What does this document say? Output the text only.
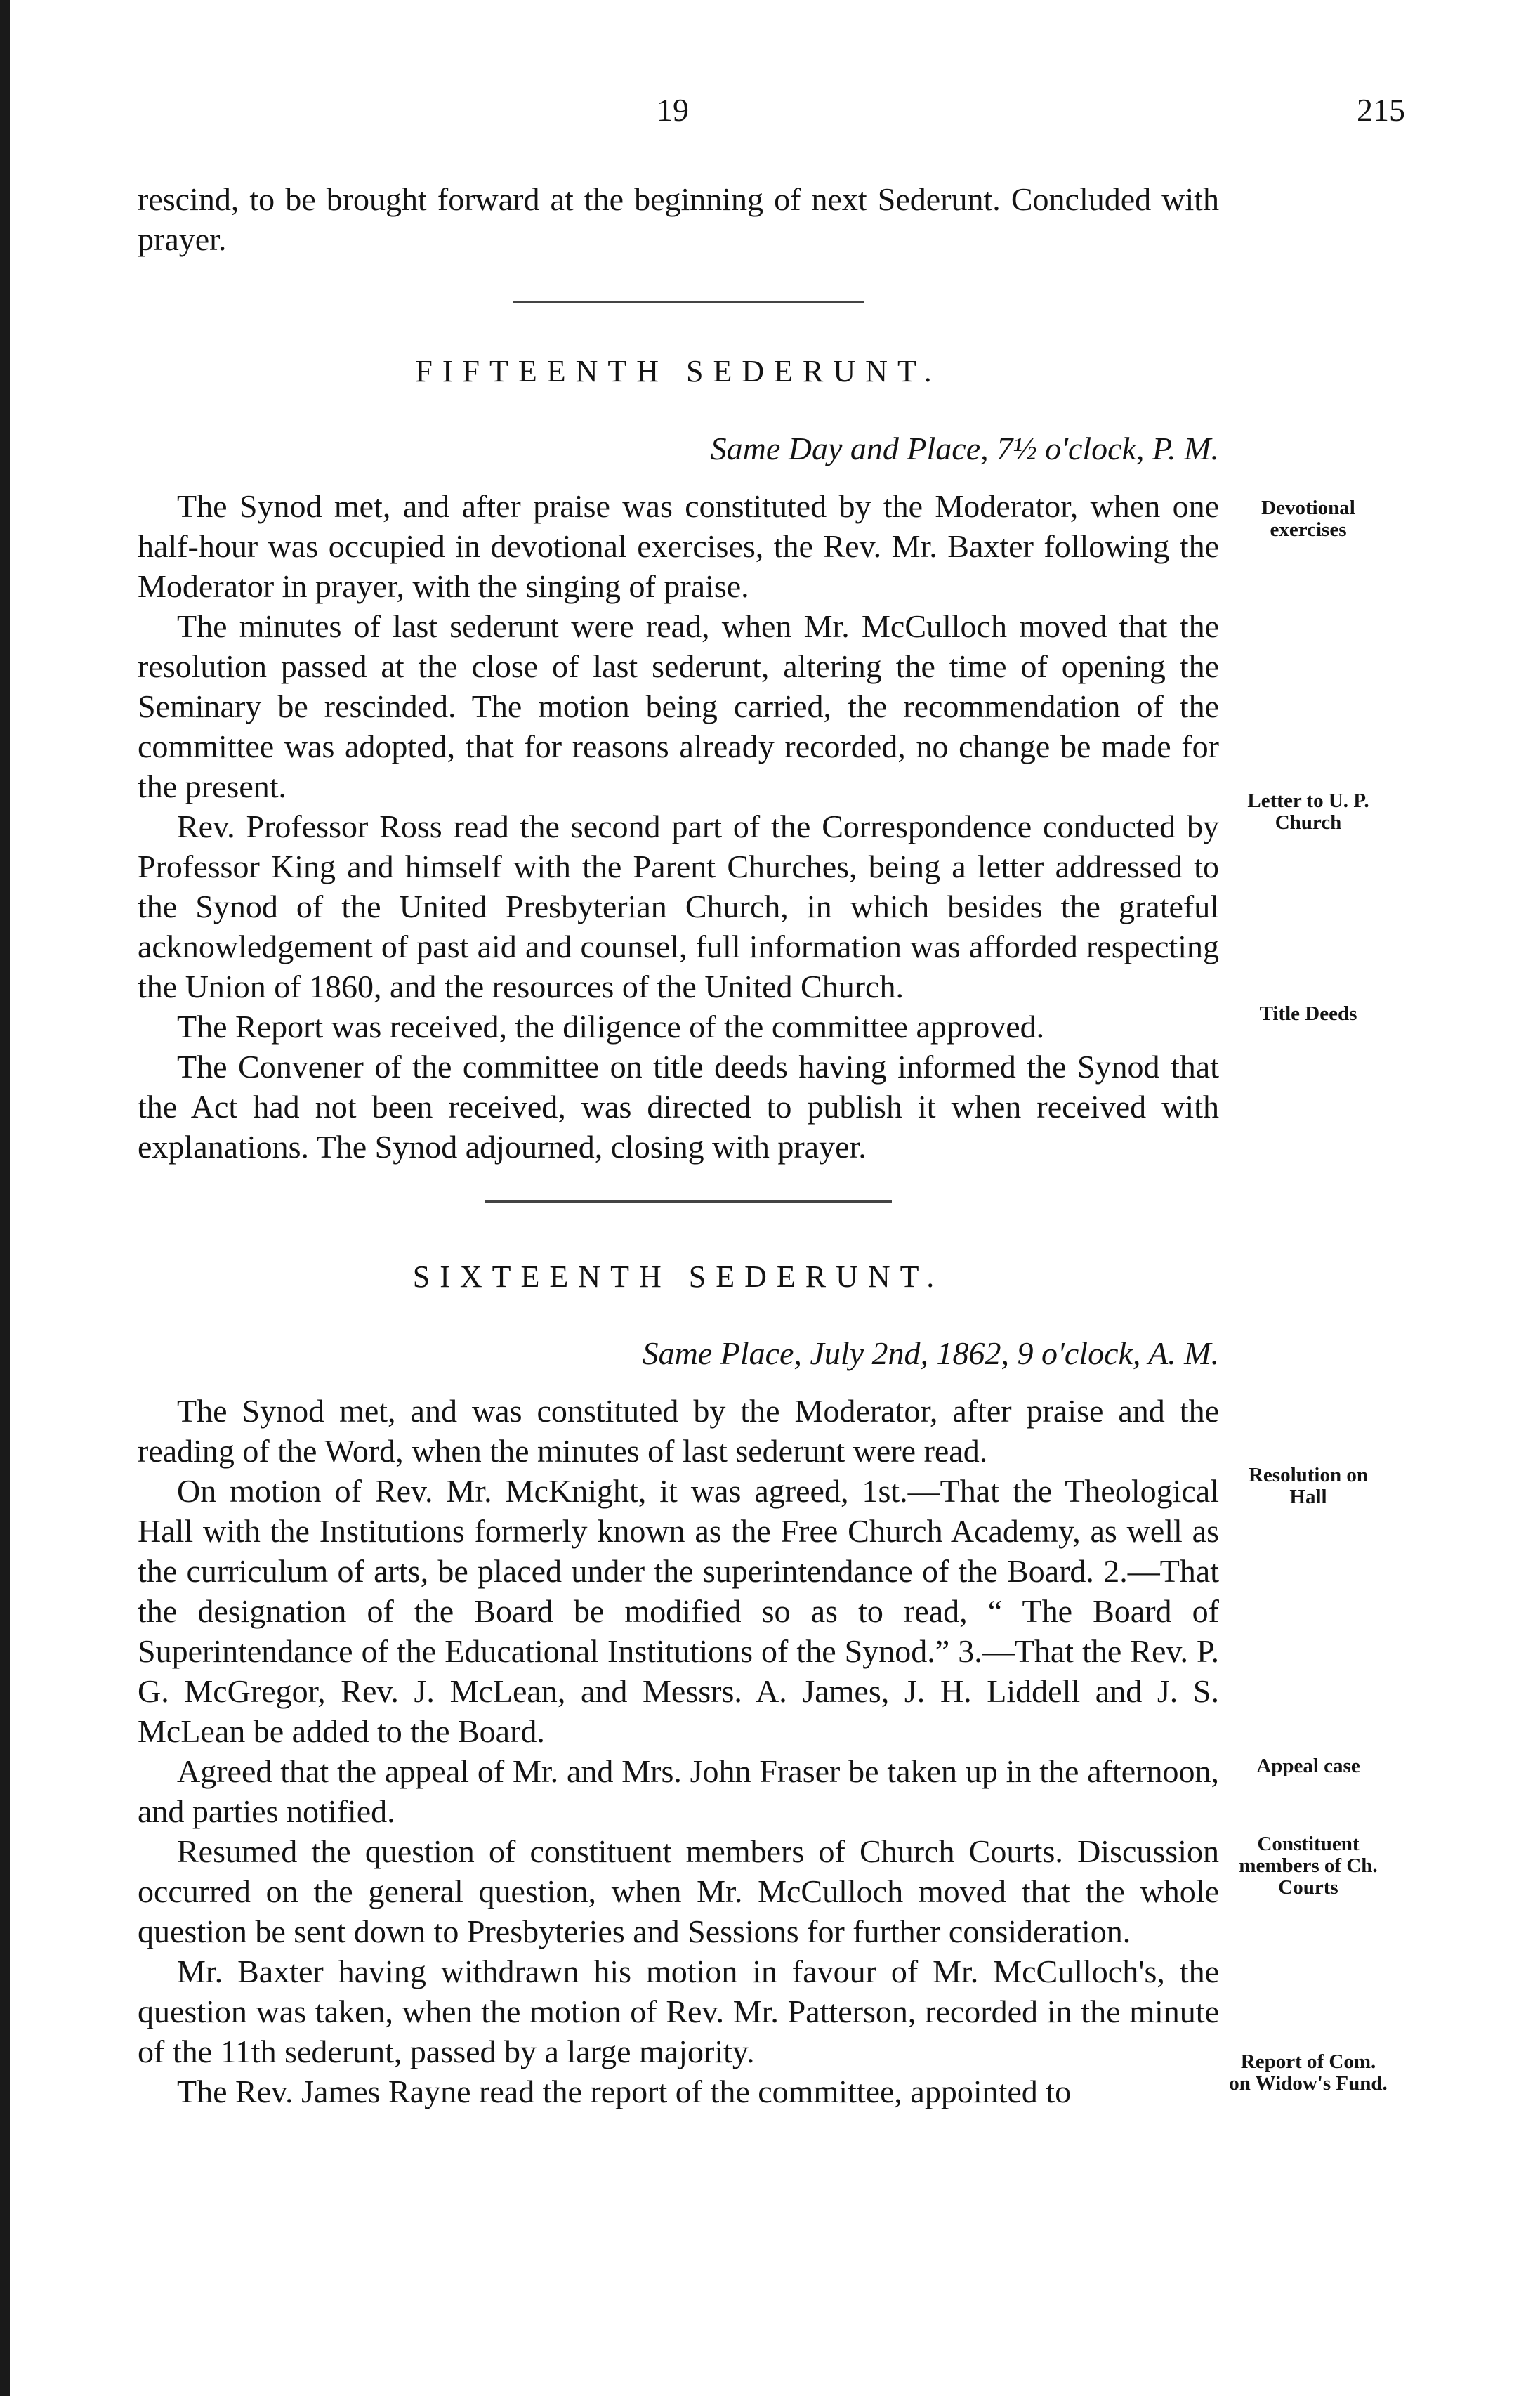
19	215

rescind, to be brought forward at the beginning of next Sederunt. Concluded with prayer.

FIFTEENTH SEDERUNT.
Same Day and Place, 7½ o'clock, P. M.

The Synod met, and after praise was constituted by the Moderator, when one half-hour was occupied in devotional exercises, the Rev. Mr. Baxter following the Moderator in prayer, with the singing of praise.

The minutes of last sederunt were read, when Mr. McCulloch moved that the resolution passed at the close of last sederunt, altering the time of opening the Seminary be rescinded. The motion being carried, the recommendation of the committee was adopted, that for reasons already recorded, no change be made for the present.

Rev. Professor Ross read the second part of the Correspondence conducted by Professor King and himself with the Parent Churches, being a letter addressed to the Synod of the United Presbyterian Church, in which besides the grateful acknowledgement of past aid and counsel, full information was afforded respecting the Union of 1860, and the resources of the United Church.

The Report was received, the diligence of the committee approved.

The Convener of the committee on title deeds having informed the Synod that the Act had not been received, was directed to publish it when received with explanations. The Synod adjourned, closing with prayer.

SIXTEENTH SEDERUNT.
Same Place, July 2nd, 1862, 9 o'clock, A. M.

The Synod met, and was constituted by the Moderator, after praise and the reading of the Word, when the minutes of last sederunt were read.

On motion of Rev. Mr. McKnight, it was agreed, 1st.—That the Theological Hall with the Institutions formerly known as the Free Church Academy, as well as the curriculum of arts, be placed under the superintendance of the Board. 2.—That the designation of the Board be modified so as to read, “ The Board of Superintendance of the Educational Institutions of the Synod.” 3.—That the Rev. P. G. McGregor, Rev. J. McLean, and Messrs. A. James, J. H. Liddell and J. S. McLean be added to the Board.

Agreed that the appeal of Mr. and Mrs. John Fraser be taken up in the afternoon, and parties notified.

Resumed the question of constituent members of Church Courts. Discussion occurred on the general question, when Mr. McCulloch moved that the whole question be sent down to Presbyteries and Sessions for further consideration.

Mr. Baxter having withdrawn his motion in favour of Mr. McCulloch's, the question was taken, when the motion of Rev. Mr. Patterson, recorded in the minute of the 11th sederunt, passed by a large majority.

The Rev. James Rayne read the report of the committee, appointed to

Devotional exercises
Letter to U. P. Church
Title Deeds
Resolution on Hall
Appeal case
Constituent members of Ch. Courts
Report of Com. on Widow's Fund.
